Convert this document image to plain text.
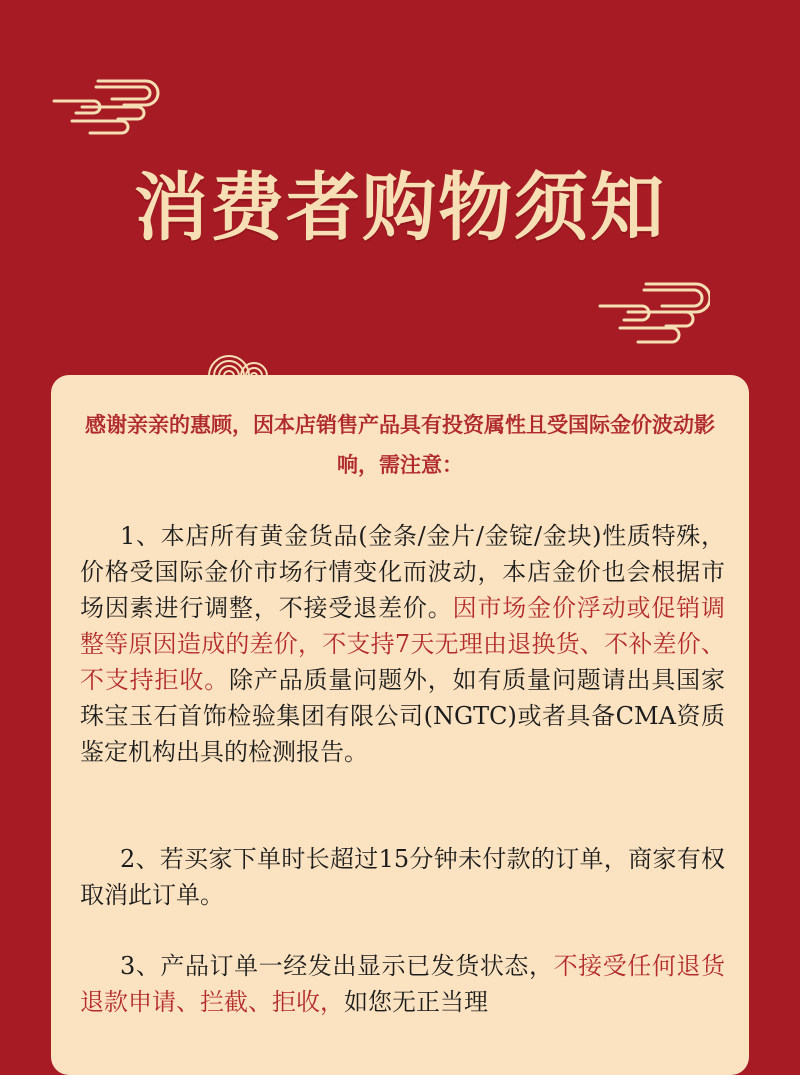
消费者购物须知
感谢亲亲的惠顾，因本店销售产品具有投资属性且受国际金价波动影响，需注意：
1、本店所有黄金货品(金条/金片/金锭/金块)性质特殊，价格受国际金价市场行情变化而波动，本店金价也会根据市场因素进行调整，不接受退差价。因市场金价浮动或促销调整等原因造成的差价，不支持7天无理由退换货、不补差价、不支持拒收。除产品质量问题外，如有质量问题请出具国家珠宝玉石首饰检验集团有限公司(NGTC)或者具备CMA资质鉴定机构出具的检测报告。
2、若买家下单时长超过15分钟未付款的订单，商家有权取消此订单。
3、产品订单一经发出显示已发货状态，不接受任何退货退款申请、拦截、拒收，如您无正当理
